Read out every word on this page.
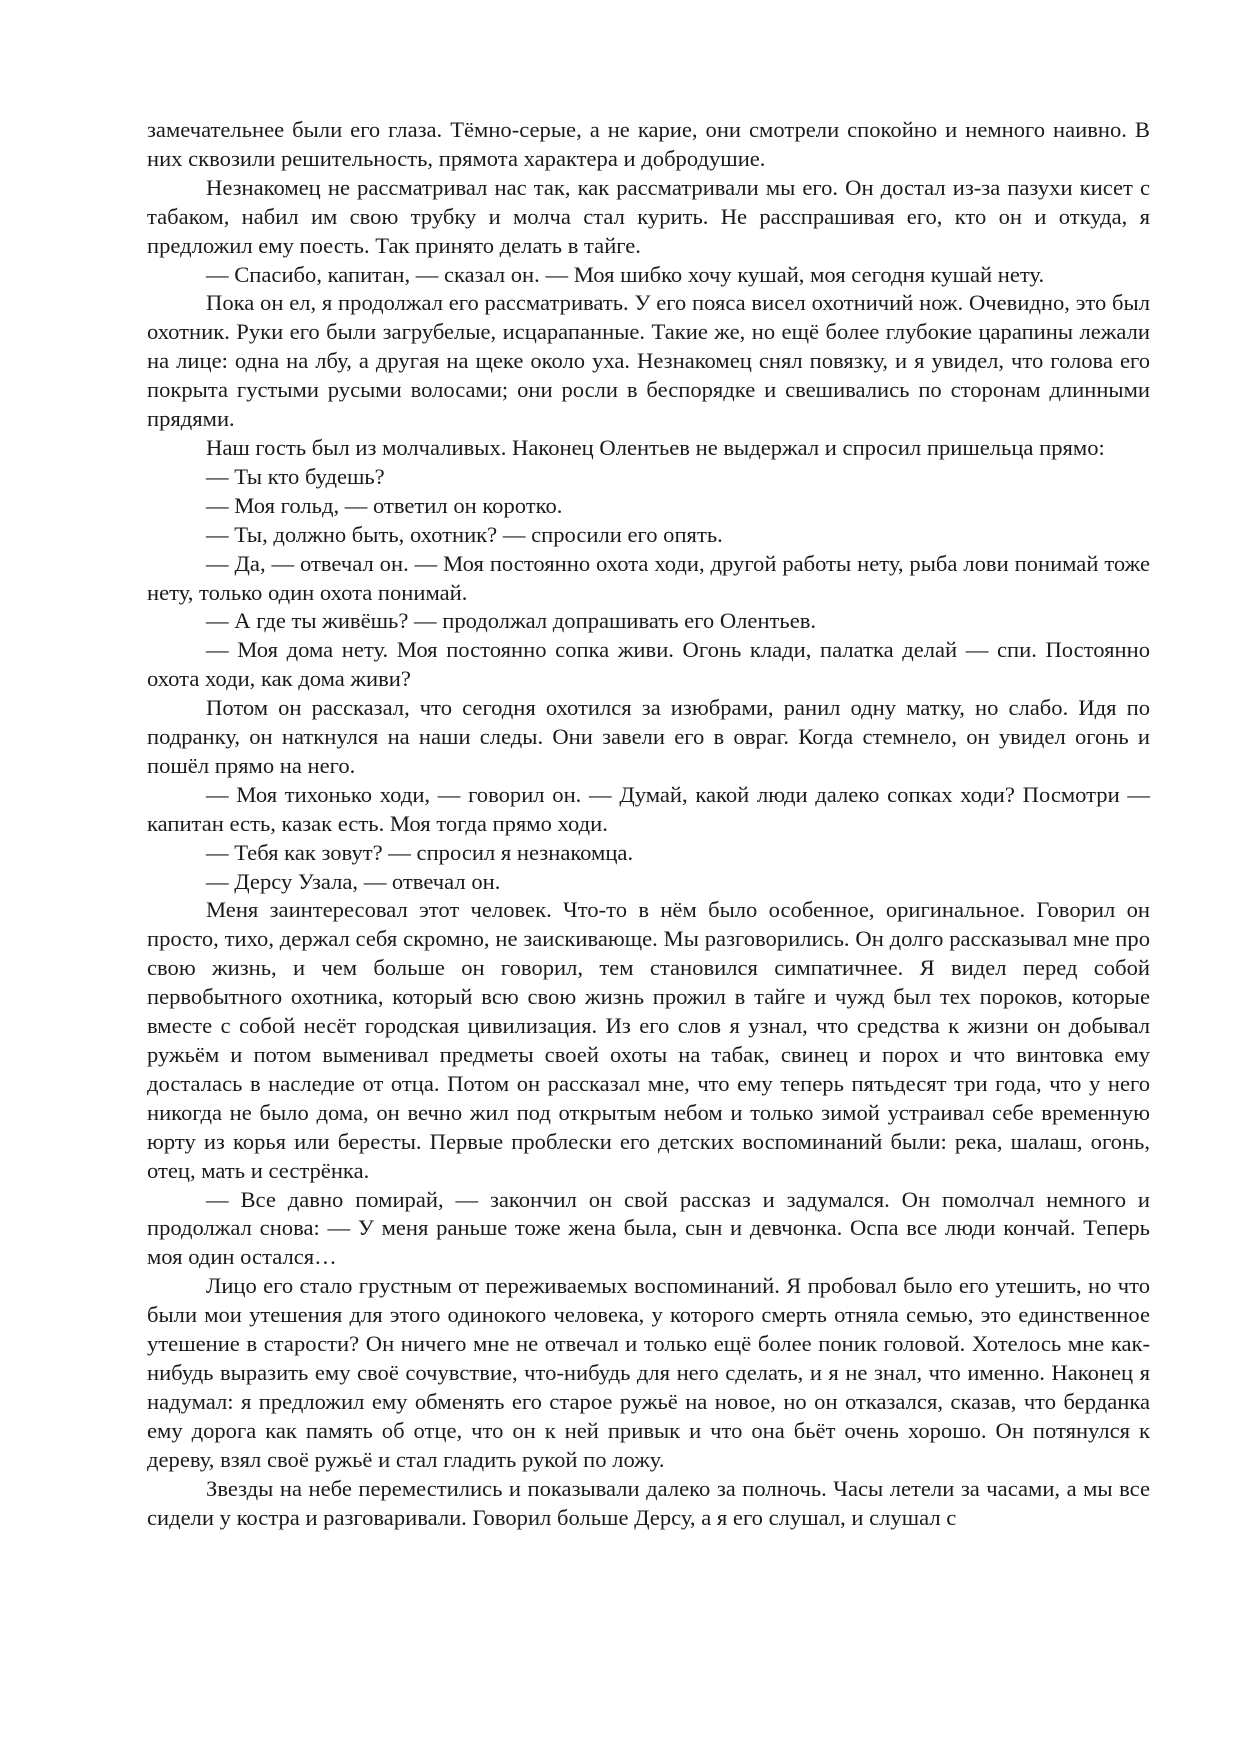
замечательнее были его глаза. Тёмно-серые, а не карие, они смотрели спокойно и немного наивно. В них сквозили решительность, прямота характера и добродушие.

Незнакомец не рассматривал нас так, как рассматривали мы его. Он достал из-за пазухи кисет с табаком, набил им свою трубку и молча стал курить. Не расспрашивая его, кто он и откуда, я предложил ему поесть. Так принято делать в тайге.

— Спасибо, капитан, — сказал он. — Моя шибко хочу кушай, моя сегодня кушай нету.

Пока он ел, я продолжал его рассматривать. У его пояса висел охотничий нож. Очевидно, это был охотник. Руки его были загрубелые, исцарапанные. Такие же, но ещё более глубокие царапины лежали на лице: одна на лбу, а другая на щеке около уха. Незнакомец снял повязку, и я увидел, что голова его покрыта густыми русыми волосами; они росли в беспорядке и свешивались по сторонам длинными прядями.

Наш гость был из молчаливых. Наконец Олентьев не выдержал и спросил пришельца прямо:

— Ты кто будешь?

— Моя гольд, — ответил он коротко.

— Ты, должно быть, охотник? — спросили его опять.

— Да, — отвечал он. — Моя постоянно охота ходи, другой работы нету, рыба лови понимай тоже нету, только один охота понимай.

— А где ты живёшь? — продолжал допрашивать его Олентьев.

— Моя дома нету. Моя постоянно сопка живи. Огонь клади, палатка делай — спи. Постоянно охота ходи, как дома живи?

Потом он рассказал, что сегодня охотился за изюбрами, ранил одну матку, но слабо. Идя по подранку, он наткнулся на наши следы. Они завели его в овраг. Когда стемнело, он увидел огонь и пошёл прямо на него.

— Моя тихонько ходи, — говорил он. — Думай, какой люди далеко сопках ходи? Посмотри — капитан есть, казак есть. Моя тогда прямо ходи.

— Тебя как зовут? — спросил я незнакомца.

— Дерсу Узала, — отвечал он.

Меня заинтересовал этот человек. Что-то в нём было особенное, оригинальное. Говорил он просто, тихо, держал себя скромно, не заискивающе. Мы разговорились. Он долго рассказывал мне про свою жизнь, и чем больше он говорил, тем становился симпатичнее. Я видел перед собой первобытного охотника, который всю свою жизнь прожил в тайге и чужд был тех пороков, которые вместе с собой несёт городская цивилизация. Из его слов я узнал, что средства к жизни он добывал ружьём и потом выменивал предметы своей охоты на табак, свинец и порох и что винтовка ему досталась в наследие от отца. Потом он рассказал мне, что ему теперь пятьдесят три года, что у него никогда не было дома, он вечно жил под открытым небом и только зимой устраивал себе временную юрту из корья или бересты. Первые проблески его детских воспоминаний были: река, шалаш, огонь, отец, мать и сестрёнка.

— Все давно помирай, — закончил он свой рассказ и задумался. Он помолчал немного и продолжал снова: — У меня раньше тоже жена была, сын и девчонка. Оспа все люди кончай. Теперь моя один остался…

Лицо его стало грустным от переживаемых воспоминаний. Я пробовал было его утешить, но что были мои утешения для этого одинокого человека, у которого смерть отняла семью, это единственное утешение в старости? Он ничего мне не отвечал и только ещё более поник головой. Хотелось мне как-нибудь выразить ему своё сочувствие, что-нибудь для него сделать, и я не знал, что именно. Наконец я надумал: я предложил ему обменять его старое ружьё на новое, но он отказался, сказав, что берданка ему дорога как память об отце, что он к ней привык и что она бьёт очень хорошо. Он потянулся к дереву, взял своё ружьё и стал гладить рукой по ложу.

Звезды на небе переместились и показывали далеко за полночь. Часы летели за часами, а мы все сидели у костра и разговаривали. Говорил больше Дерсу, а я его слушал, и слушал с
